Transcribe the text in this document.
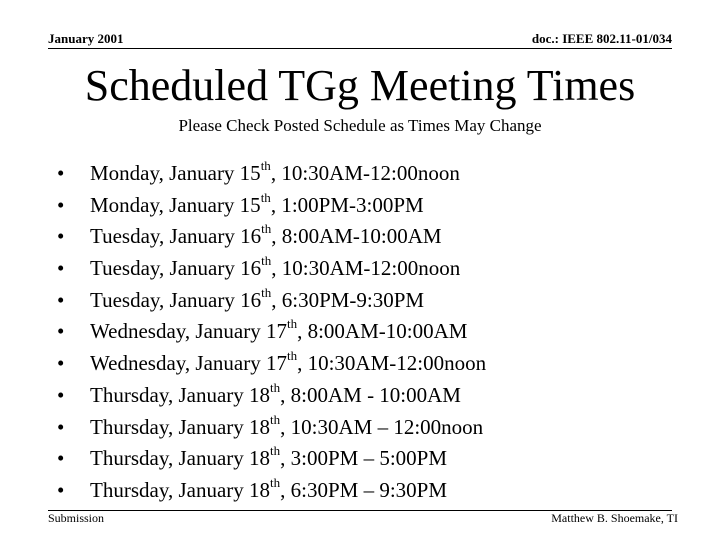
January 2001	doc.: IEEE 802.11-01/034
Scheduled TGg Meeting Times
Please Check Posted Schedule as Times May Change
• Monday, January 15th, 10:30AM-12:00noon
• Monday, January 15th, 1:00PM-3:00PM
• Tuesday, January 16th, 8:00AM-10:00AM
• Tuesday, January 16th, 10:30AM-12:00noon
• Tuesday, January 16th, 6:30PM-9:30PM
• Wednesday, January 17th, 8:00AM-10:00AM
• Wednesday, January 17th, 10:30AM-12:00noon
• Thursday, January 18th, 8:00AM - 10:00AM
• Thursday, January 18th, 10:30AM – 12:00noon
• Thursday, January 18th, 3:00PM – 5:00PM
• Thursday, January 18th, 6:30PM – 9:30PM
Submission	Matthew B. Shoemake, TI
